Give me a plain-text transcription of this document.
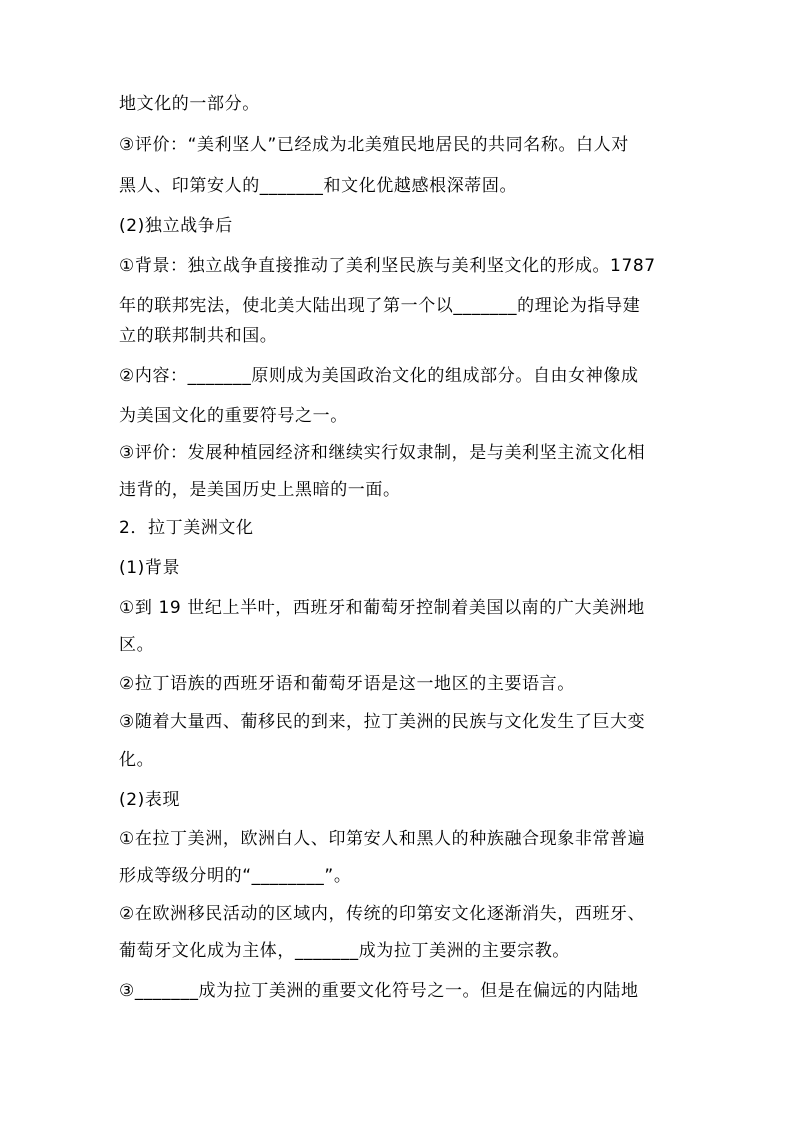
地文化的一部分。
③评价：“美利坚人”已经成为北美殖民地居民的共同名称。白人对
黑人、印第安人的_______和文化优越感根深蒂固。
(2)独立战争后
①背景：独立战争直接推动了美利坚民族与美利坚文化的形成。1787
年的联邦宪法，使北美大陆出现了第一个以_______的理论为指导建
立的联邦制共和国。
②内容：_______原则成为美国政治文化的组成部分。自由女神像成
为美国文化的重要符号之一。
③评价：发展种植园经济和继续实行奴隶制，是与美利坚主流文化相
违背的，是美国历史上黑暗的一面。
2．拉丁美洲文化
(1)背景
①到 19 世纪上半叶，西班牙和葡萄牙控制着美国以南的广大美洲地
区。
②拉丁语族的西班牙语和葡萄牙语是这一地区的主要语言。
③随着大量西、葡移民的到来，拉丁美洲的民族与文化发生了巨大变
化。
(2)表现
①在拉丁美洲，欧洲白人、印第安人和黑人的种族融合现象非常普遍
形成等级分明的“________”。
②在欧洲移民活动的区域内，传统的印第安文化逐渐消失，西班牙、
葡萄牙文化成为主体，_______成为拉丁美洲的主要宗教。
③_______成为拉丁美洲的重要文化符号之一。但是在偏远的内陆地
